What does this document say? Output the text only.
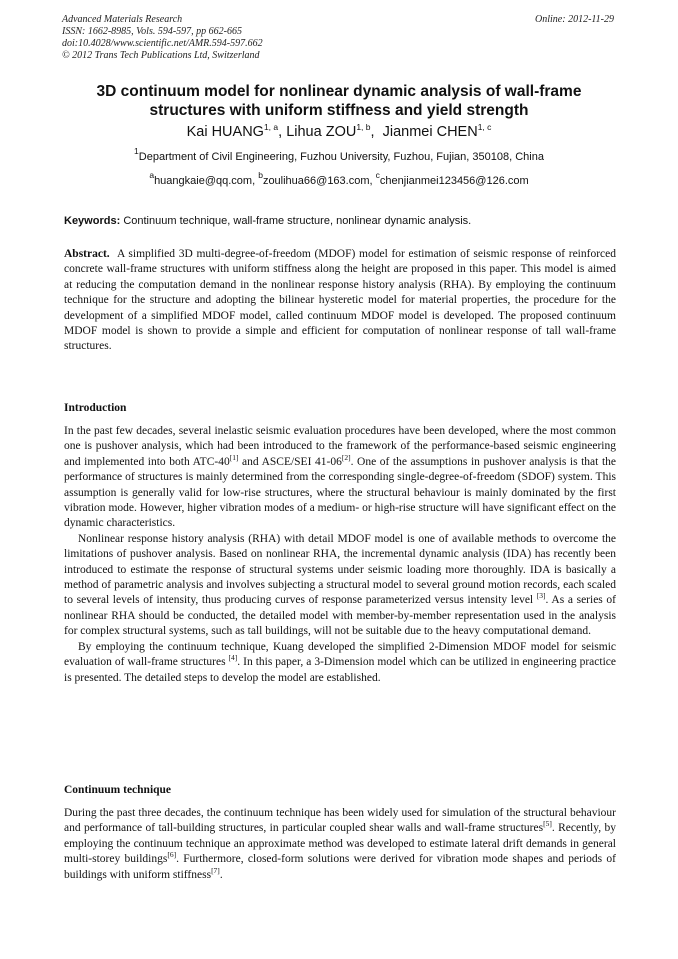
Advanced Materials Research
ISSN: 1662-8985, Vols. 594-597, pp 662-665
doi:10.4028/www.scientific.net/AMR.594-597.662
© 2012 Trans Tech Publications Ltd, Switzerland
Online: 2012-11-29
3D continuum model for nonlinear dynamic analysis of wall-frame
structures with uniform stiffness and yield strength
Kai HUANG$^{1, a}$, Lihua ZOU$^{1, b}$,  Jianmei CHEN$^{1, c}$
$^1$Department of Civil Engineering, Fuzhou University, Fuzhou, Fujian, 350108, China
$^a$huangkaie@qq.com, $^b$zoulihua66@163.com, $^c$chenjianmei123456@126.com
Keywords: Continuum technique, wall-frame structure, nonlinear dynamic analysis.

Abstract. A simplified 3D multi-degree-of-freedom (MDOF) model for estimation of seismic response of reinforced concrete wall-frame structures with uniform stiffness along the height are proposed in this paper. This model is aimed at reducing the computation demand in the nonlinear response history analysis (RHA). By employing the continuum technique for the structure and adopting the bilinear hysteretic model for material properties, the procedure for the development of a simplified MDOF model, called continuum MDOF model is developed. The proposed continuum MDOF model is shown to provide a simple and efficient for computation of nonlinear response of tall wall-frame structures.

Introduction

In the past few decades, several inelastic seismic evaluation procedures have been developed, where the most common one is pushover analysis, which had been introduced to the framework of the performance-based seismic engineering and implemented into both ATC-40[1] and ASCE/SEI 41-06[2]. One of the assumptions in pushover analysis is that the performance of structures is mainly determined from the corresponding single-degree-of-freedom (SDOF) system. This assumption is generally valid for low-rise structures, where the structural behaviour is mainly dominated by the first vibration mode. However, higher vibration modes of a medium- or high-rise structure will have significant effect on the dynamic characteristics.

Nonlinear response history analysis (RHA) with detail MDOF model is one of available methods to overcome the limitations of pushover analysis. Based on nonlinear RHA, the incremental dynamic analysis (IDA) has recently been introduced to estimate the response of structural systems under seismic loading more thoroughly. IDA is basically a method of parametric analysis and involves subjecting a structural model to several ground motion records, each scaled to several levels of intensity, thus producing curves of response parameterized versus intensity level [3]. As a series of nonlinear RHA should be conducted, the detailed model with member-by-member representation used in the analysis for complex structural systems, such as tall buildings, will not be suitable due to the heavy computational demand.

By employing the continuum technique, Kuang developed the simplified 2-Dimension MDOF model for seismic evaluation of wall-frame structures [4]. In this paper, a 3-Dimension model which can be utilized in engineering practice is presented. The detailed steps to develop the model are established.

Continuum technique

During the past three decades, the continuum technique has been widely used for simulation of the structural behaviour and performance of tall-building structures, in particular coupled shear walls and wall-frame structures[5]. Recently, by employing the continuum technique an approximate method was developed to estimate lateral drift demands in general multi-storey buildings[6]. Furthermore, closed-form solutions were derived for vibration mode shapes and periods of buildings with uniform stiffness[7].
